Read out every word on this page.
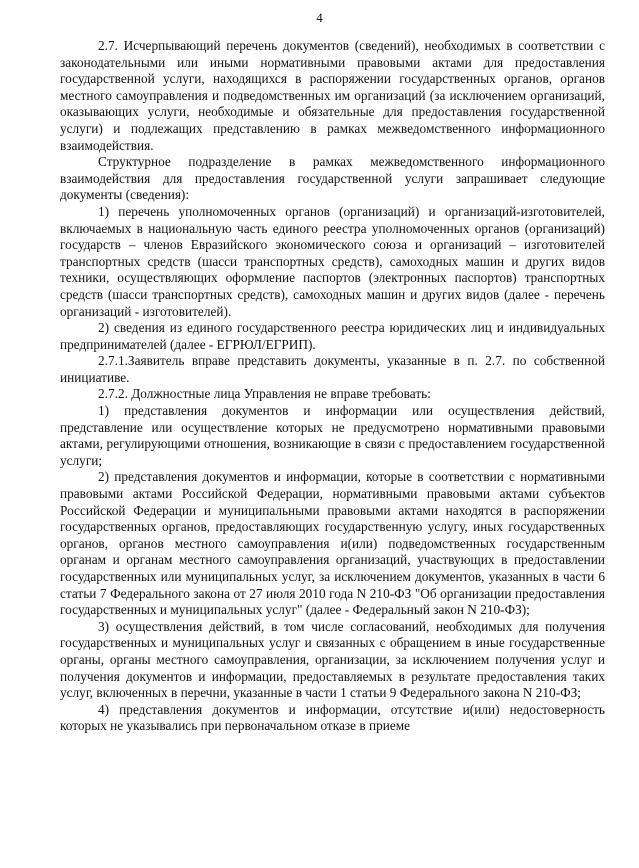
4

2.7. Исчерпывающий перечень документов (сведений), необходимых в соответствии с законодательными или иными нормативными правовыми актами для предоставления государственной услуги, находящихся в распоряжении государственных органов, органов местного самоуправления и подведомственных им организаций (за исключением организаций, оказывающих услуги, необходимые и обязательные для предоставления государственной услуги) и подлежащих представлению в рамках межведомственного информационного взаимодействия.

Структурное подразделение в рамках межведомственного информационного взаимодействия для предоставления государственной услуги запрашивает следующие документы (сведения):

1) перечень уполномоченных органов (организаций) и организаций-изготовителей, включаемых в национальную часть единого реестра уполномоченных органов (организаций) государств – членов Евразийского экономического союза и организаций – изготовителей транспортных средств (шасси транспортных средств), самоходных машин и других видов техники, осуществляющих оформление паспортов (электронных паспортов) транспортных средств (шасси транспортных средств), самоходных машин и других видов (далее - перечень организаций - изготовителей).

2) сведения из единого государственного реестра юридических лиц и индивидуальных предпринимателей (далее - ЕГРЮЛ/ЕГРИП).

2.7.1.Заявитель вправе представить документы, указанные в п. 2.7. по собственной инициативе.

2.7.2. Должностные лица Управления не вправе требовать:

1) представления документов и информации или осуществления действий, представление или осуществление которых не предусмотрено нормативными правовыми актами, регулирующими отношения, возникающие в связи с предоставлением государственной услуги;

2) представления документов и информации, которые в соответствии с нормативными правовыми актами Российской Федерации, нормативными правовыми актами субъектов Российской Федерации и муниципальными правовыми актами находятся в распоряжении государственных органов, предоставляющих государственную услугу, иных государственных органов, органов местного самоуправления и(или) подведомственных государственным органам и органам местного самоуправления организаций, участвующих в предоставлении государственных или муниципальных услуг, за исключением документов, указанных в части 6 статьи 7 Федерального закона от 27 июля 2010 года N 210-ФЗ "Об организации предоставления государственных и муниципальных услуг" (далее - Федеральный закон N 210-ФЗ);

3) осуществления действий, в том числе согласований, необходимых для получения государственных и муниципальных услуг и связанных с обращением в иные государственные органы, органы местного самоуправления, организации, за исключением получения услуг и получения документов и информации, предоставляемых в результате предоставления таких услуг, включенных в перечни, указанные в части 1 статьи 9 Федерального закона N 210-ФЗ;

4) представления документов и информации, отсутствие и(или) недостоверность которых не указывались при первоначальном отказе в приеме
